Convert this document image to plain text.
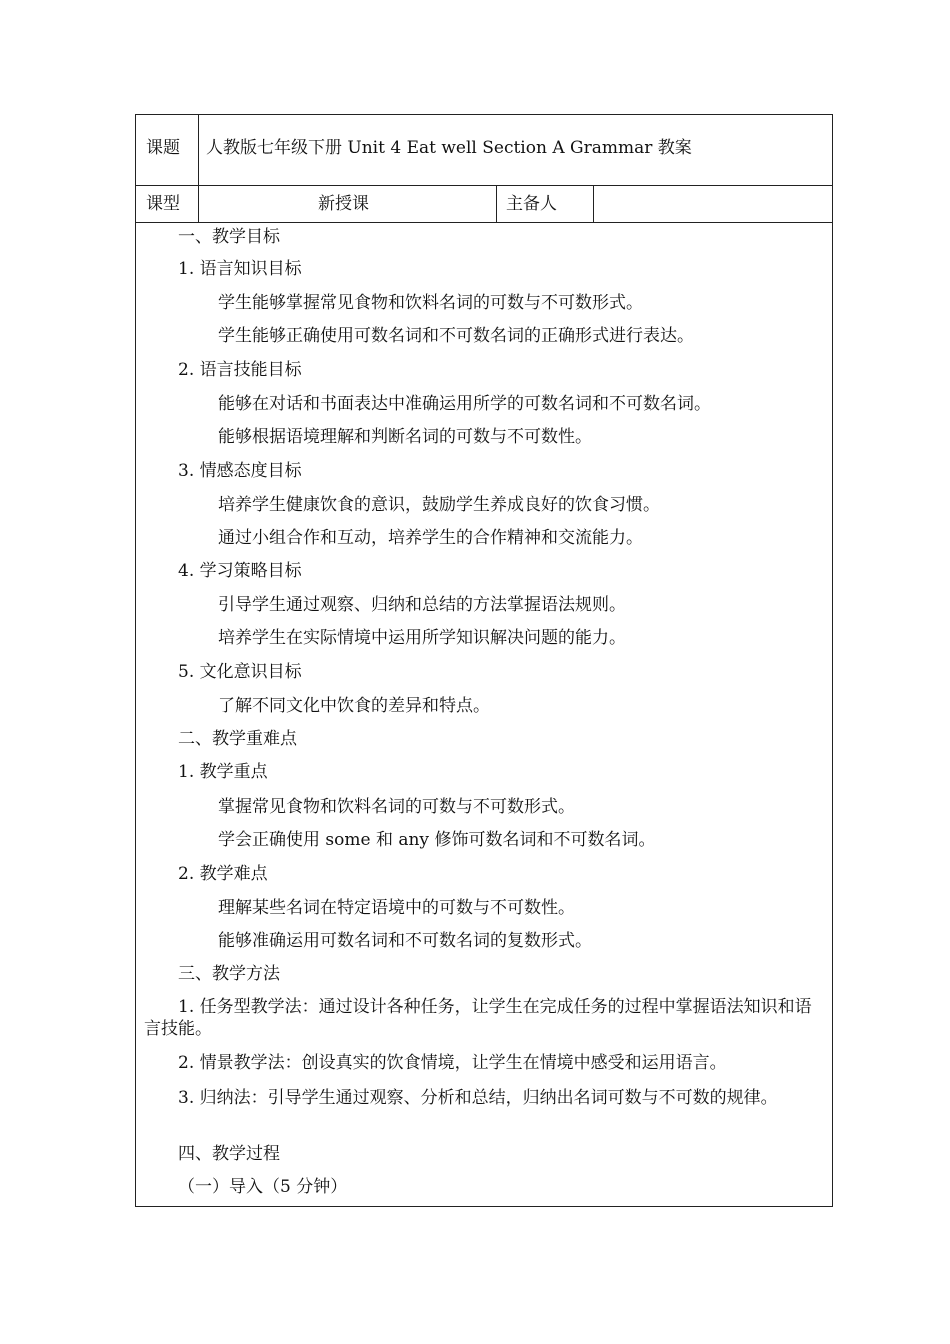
课题 人教版七年级下册 Unit 4 Eat well Section A Grammar 教案
课型	新授课	主备人
一、教学目标
1. 语言知识目标
学生能够掌握常见食物和饮料名词的可数与不可数形式。
学生能够正确使用可数名词和不可数名词的正确形式进行表达。
2. 语言技能目标
能够在对话和书面表达中准确运用所学的可数名词和不可数名词。
能够根据语境理解和判断名词的可数与不可数性。
3. 情感态度目标
培养学生健康饮食的意识，鼓励学生养成良好的饮食习惯。
通过小组合作和互动，培养学生的合作精神和交流能力。
4. 学习策略目标
引导学生通过观察、归纳和总结的方法掌握语法规则。
培养学生在实际情境中运用所学知识解决问题的能力。
5. 文化意识目标
了解不同文化中饮食的差异和特点。
二、教学重难点
1. 教学重点
掌握常见食物和饮料名词的可数与不可数形式。
学会正确使用 some 和 any 修饰可数名词和不可数名词。
2. 教学难点
理解某些名词在特定语境中的可数与不可数性。
能够准确运用可数名词和不可数名词的复数形式。
三、教学方法
1. 任务型教学法：通过设计各种任务，让学生在完成任务的过程中掌握语法知识和语言技能。
2. 情景教学法：创设真实的饮食情境，让学生在情境中感受和运用语言。
3. 归纳法：引导学生通过观察、分析和总结，归纳出名词可数与不可数的规律。
四、教学过程
（一）导入（5 分钟）
